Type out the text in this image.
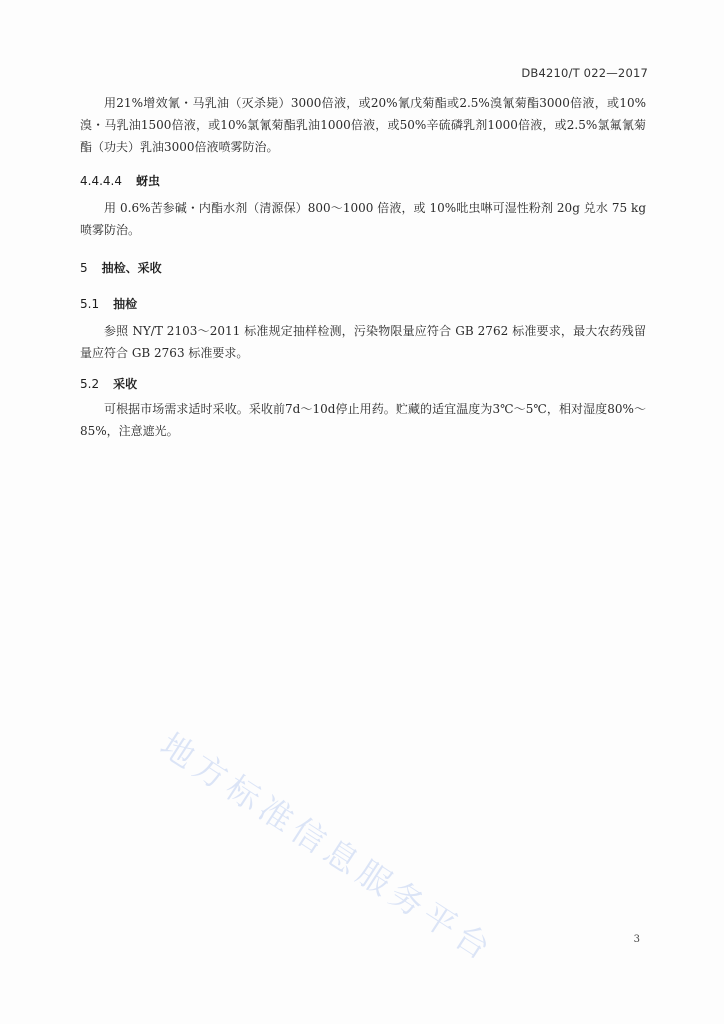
DB4210/T 022—2017

用21%增效氰・马乳油（灭杀毙）3000倍液，或20%氰戊菊酯或2.5%溴氰菊酯3000倍液，或10%溴・马乳油1500倍液，或10%氯氰菊酯乳油1000倍液，或50%辛硫磷乳剂1000倍液，或2.5%氯氟氰菊酯（功夫）乳油3000倍液喷雾防治。

4.4.4.4 蚜虫

用 0.6%苦参碱・内酯水剂（清源保）800～1000 倍液，或 10%吡虫啉可湿性粉剂 20g 兑水 75 kg喷雾防治。

5 抽检、采收
5.1 抽检

参照 NY/T 2103～2011 标准规定抽样检测，污染物限量应符合 GB 2762 标准要求，最大农药残留量应符合 GB 2763 标准要求。

5.2 采收

可根据市场需求适时采收。采收前7d～10d停止用药。贮藏的适宜温度为3℃～5℃，相对湿度80%～85%，注意遮光。

地方标准信息服务平台	3
